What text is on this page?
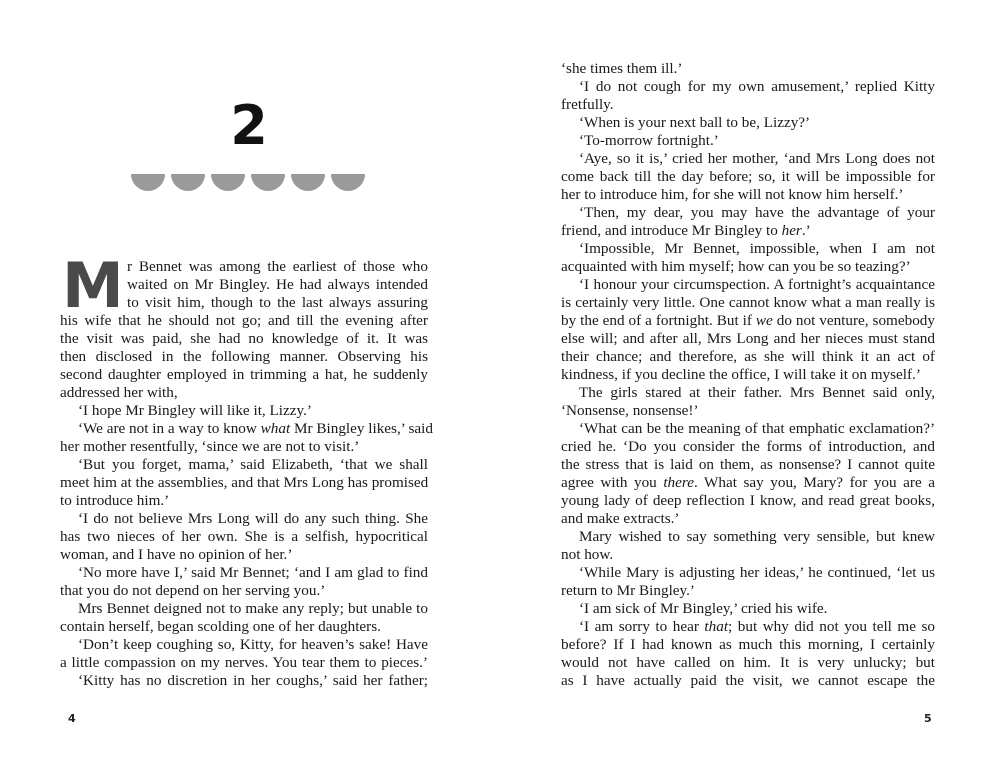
2
M r Bennet was among the earliest of those who
waited on Mr Bingley. He had always intended
to visit him, though to the last always assuring
his wife that he should not go; and till the evening after
the visit was paid, she had no knowledge of it. It was
then disclosed in the following manner. Observing his
second daughter employed in trimming a hat, he suddenly
addressed her with,
‘I hope Mr Bingley will like it, Lizzy.’
‘We are not in a way to know what Mr Bingley likes,’ said
her mother resentfully, ‘since we are not to visit.’
‘But you forget, mama,’ said Elizabeth, ‘that we shall
meet him at the assemblies, and that Mrs Long has promised
to introduce him.’
‘I do not believe Mrs Long will do any such thing. She
has two nieces of her own. She is a selfish, hypocritical
woman, and I have no opinion of her.’
‘No more have I,’ said Mr Bennet; ‘and I am glad to find
that you do not depend on her serving you.’
Mrs Bennet deigned not to make any reply; but unable to
contain herself, began scolding one of her daughters.
‘Don’t keep coughing so, Kitty, for heaven’s sake! Have
a little compassion on my nerves. You tear them to pieces.’
‘Kitty has no discretion in her coughs,’ said her father;
4
‘she times them ill.’
‘I do not cough for my own amusement,’ replied Kitty
fretfully.
‘When is your next ball to be, Lizzy?’
‘To-morrow fortnight.’
‘Aye, so it is,’ cried her mother, ‘and Mrs Long does not
come back till the day before; so, it will be impossible for
her to introduce him, for she will not know him herself.’
‘Then, my dear, you may have the advantage of your
friend, and introduce Mr Bingley to her.’
‘Impossible, Mr Bennet, impossible, when I am not
acquainted with him myself; how can you be so teazing?’
‘I honour your circumspection. A fortnight’s acquaintance
is certainly very little. One cannot know what a man really is
by the end of a fortnight. But if we do not venture, somebody
else will; and after all, Mrs Long and her nieces must stand
their chance; and therefore, as she will think it an act of
kindness, if you decline the office, I will take it on myself.’
The girls stared at their father. Mrs Bennet said only,
‘Nonsense, nonsense!’
‘What can be the meaning of that emphatic exclamation?’
cried he. ‘Do you consider the forms of introduction, and
the stress that is laid on them, as nonsense? I cannot quite
agree with you there. What say you, Mary? for you are a
young lady of deep reflection I know, and read great books,
and make extracts.’
Mary wished to say something very sensible, but knew
not how.
‘While Mary is adjusting her ideas,’ he continued, ‘let us
return to Mr Bingley.’
‘I am sick of Mr Bingley,’ cried his wife.
‘I am sorry to hear that; but why did not you tell me so
before? If I had known as much this morning, I certainly
would not have called on him. It is very unlucky; but
as I have actually paid the visit, we cannot escape the
5
